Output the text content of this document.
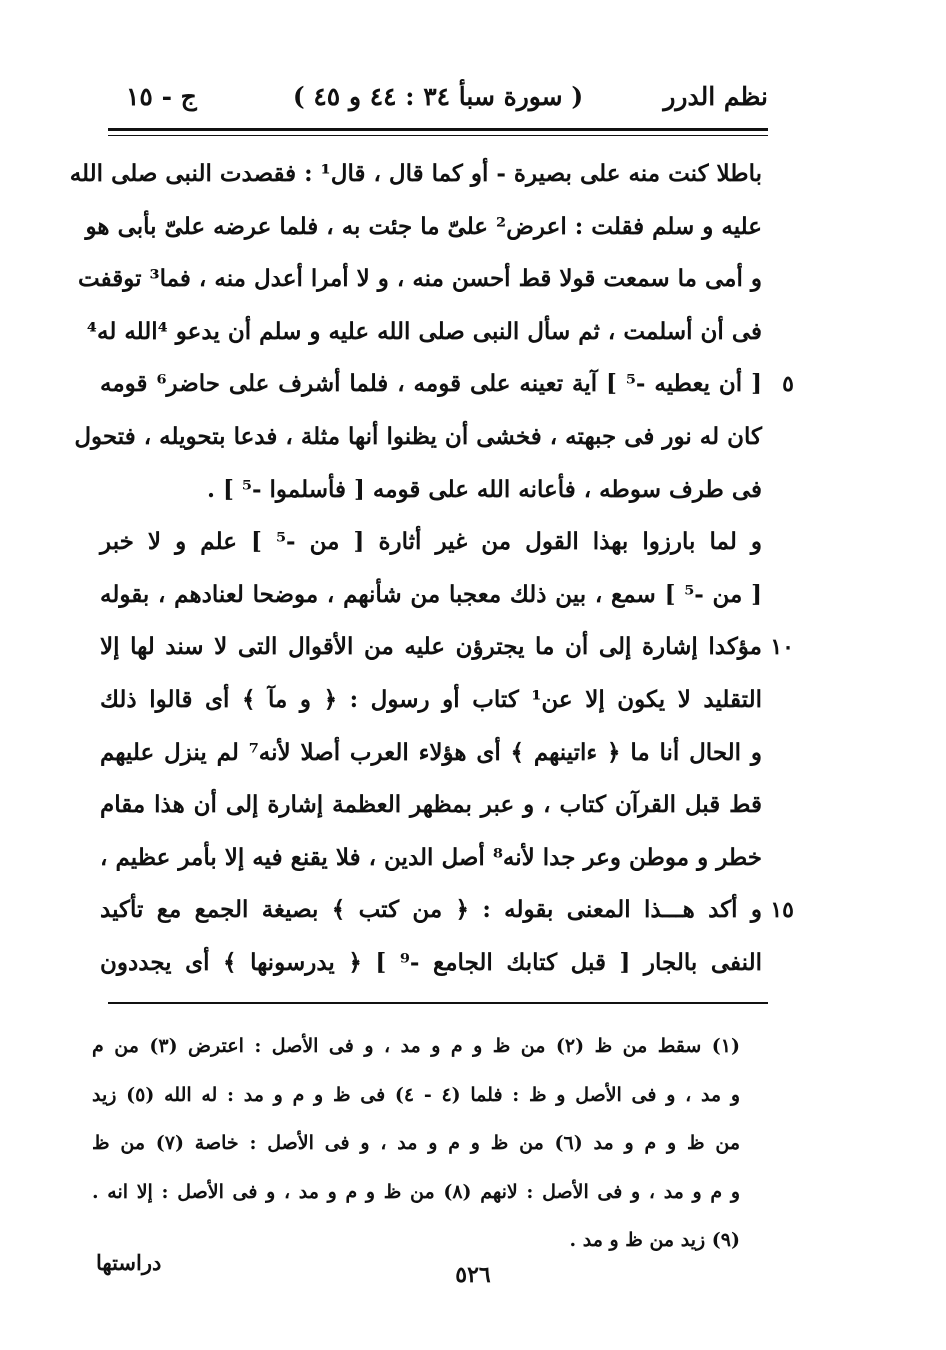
نظم الدرر
( سورة سبأ ٣٤ : ٤٤ و ٤٥ )
ج - ١٥
باطلا كنت منه على بصيرة - أو كما قال ، قال¹ : فقصدت النبى صلى الله
عليه و سلم فقلت : اعرض² علىّ ما جئت به ، فلما عرضه علىّ بأبى هو
و أمى ما سمعت قولا قط أحسن منه ، و لا أمرا أعدل منه ، فما³ توقفت
فى أن أسلمت ، ثم سأل النبى صلى الله عليه و سلم أن يدعو ⁴الله له⁴
[ أن يعطيه -⁵ ] آية تعينه على قومه ، فلما أشرف على حاضر⁶ قومه ٥
كان له نور فى جبهته ، فخشى أن يظنوا أنها مثلة ، فدعا بتحويله ، فتحول
فى طرف سوطه ، فأعانه الله على قومه [ فأسلموا -⁵ ] .
و لما بارزوا بهذا القول من غير أثارة [ من -⁵ ] علم و لا خبر
[ من -⁵ ] سمع ، بين ذلك معجبا من شأنهم ، موضحا لعنادهم ، بقوله
مؤكدا إشارة إلى أن ما يجترؤن عليه من الأقوال التى لا سند لها إلا ١٠
التقليد لا يكون إلا عن¹ كتاب أو رسول : ﴿ و مآ ﴾ أى قالوا ذلك
و الحال أنا ما ﴿ ءاتينهم ﴾ أى هؤلاء العرب أصلا لأنه⁷ لم ينزل عليهم
قط قبل القرآن كتاب ، و عبر بمظهر العظمة إشارة إلى أن هذا مقام
خطر و موطن وعر جدا لأنه⁸ أصل الدين ، فلا يقنع فيه إلا بأمر عظيم ،
و أكد هـــذا المعنى بقوله : ﴿ من كتب ﴾ بصيغة الجمع مع تأكيد ١٥
النفى بالجار [ قبل كتابك الجامع -⁹ ] ﴿ يدرسونها ﴾ أى يجددون
(١) سقط من ظ (٢) من ظ و م و مد ، و فى الأصل : اعترض (٣) من م
و مد ، و فى الأصل و ظ : فلما (٤ - ٤) فى ظ و م و مد : له الله (٥) زيد
من ظ و م و مد (٦) من ظ و م و مد ، و فى الأصل : خاصة (٧) من ظ
و م و مد ، و فى الأصل : لانهم (٨) من ظ و م و مد ، و فى الأصل : إلا انه .
(٩) زيد من ظ و مد .
٥٢٦
دراستها
